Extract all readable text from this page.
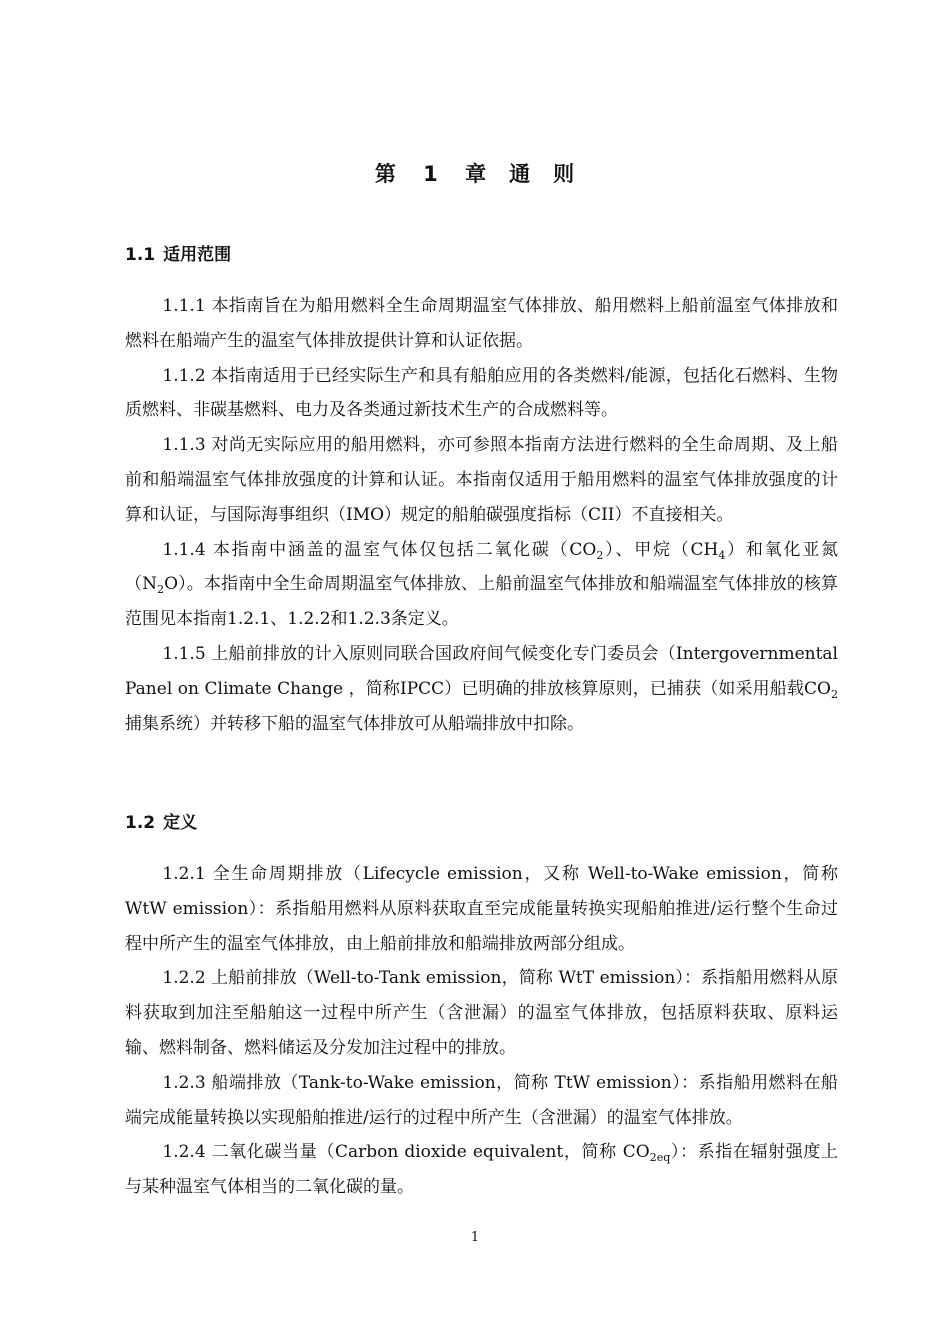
第 1 章　通　则
1.1 适用范围

1.1.1 本指南旨在为船用燃料全生命周期温室气体排放、船用燃料上船前温室气体排放和燃料在船端产生的温室气体排放提供计算和认证依据。

1.1.2 本指南适用于已经实际生产和具有船舶应用的各类燃料/能源，包括化石燃料、生物质燃料、非碳基燃料、电力及各类通过新技术生产的合成燃料等。

1.1.3 对尚无实际应用的船用燃料，亦可参照本指南方法进行燃料的全生命周期、及上船前和船端温室气体排放强度的计算和认证。本指南仅适用于船用燃料的温室气体排放强度的计算和认证，与国际海事组织（IMO）规定的船舶碳强度指标（CII）不直接相关。

1.1.4 本指南中涵盖的温室气体仅包括二氧化碳$(CO_2)$、甲烷$(CH_4)$和氧化亚氮$(N_2O)$。本指南中全生命周期温室气体排放、上船前温室气体排放和船端温室气体排放的核算范围见本指南1.2.1、1.2.2和1.2.3条定义。

1.1.5 上船前排放的计入原则同联合国政府间气候变化专门委员会（Intergovernmental Panel on Climate Change ，简称IPCC）已明确的排放核算原则，已捕获（如采用船载$CO_2$捕集系统）并转移下船的温室气体排放可从船端排放中扣除。

1.2 定义

1.2.1 全生命周期排放（Lifecycle emission，又称 Well-to-Wake emission，简称 WtW emission）：系指船用燃料从原料获取直至完成能量转换实现船舶推进/运行整个生命过程中所产生的温室气体排放，由上船前排放和船端排放两部分组成。

1.2.2 上船前排放（Well-to-Tank emission，简称 WtT emission）：系指船用燃料从原料获取到加注至船舶这一过程中所产生（含泄漏）的温室气体排放，包括原料获取、原料运输、燃料制备、燃料储运及分发加注过程中的排放。

1.2.3 船端排放（Tank-to-Wake emission，简称 TtW emission）：系指船用燃料在船端完成能量转换以实现船舶推进/运行的过程中所产生（含泄漏）的温室气体排放。

1.2.4 二氧化碳当量（Carbon dioxide equivalent，简称 $CO_{2eq}$）：系指在辐射强度上与某种温室气体相当的二氧化碳的量。

1
